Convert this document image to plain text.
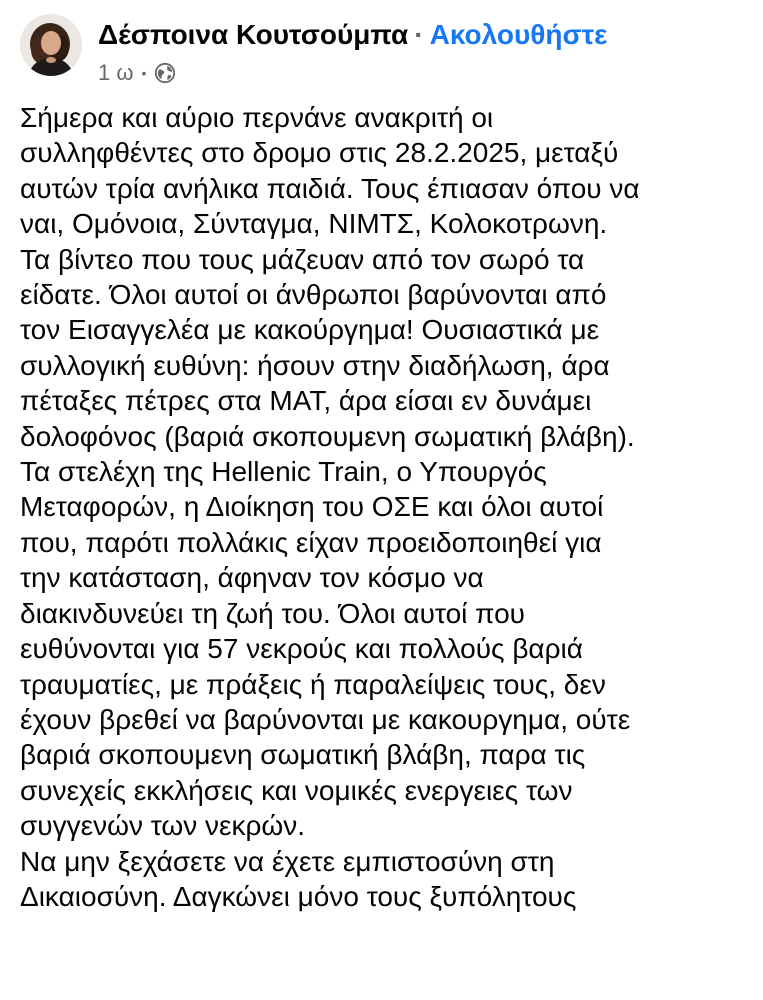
Δέσποινα Κουτσούμπα · Ακολουθήστε
1 ω •

Σήμερα και αύριο περνάνε ανακριτή οι

συλληφθέντες στο δρομο στις 28.2.2025, μεταξύ

αυτών τρία ανήλικα παιδιά. Τους έπιασαν όπου να

ναι, Ομόνοια, Σύνταγμα, ΝΙΜΤΣ, Κολοκοτρωνη.

Τα βίντεο που τους μάζευαν από τον σωρό τα

είδατε. Όλοι αυτοί οι άνθρωποι βαρύνονται από

τον Εισαγγελέα με κακούργημα! Ουσιαστικά με

συλλογική ευθύνη: ήσουν στην διαδήλωση, άρα

πέταξες πέτρες στα ΜΑΤ, άρα είσαι εν δυνάμει

δολοφόνος (βαριά σκοπουμενη σωματική βλάβη).

Τα στελέχη της Hellenic Train, ο Υπουργός

Μεταφορών, η Διοίκηση του ΟΣΕ και όλοι αυτοί

που, παρότι πολλάκις είχαν προειδοποιηθεί για

την κατάσταση, άφηναν τον κόσμο να

διακινδυνεύει τη ζωή του. Όλοι αυτοί που

ευθύνονται για 57 νεκρούς και πολλούς βαριά

τραυματίες, με πράξεις ή παραλείψεις τους, δεν

έχουν βρεθεί να βαρύνονται με κακουργημα, ούτε

βαριά σκοπουμενη σωματική βλάβη, παρα τις

συνεχείς εκκλήσεις και νομικές ενεργειες των

συγγενών των νεκρών.

Να μην ξεχάσετε να έχετε εμπιστοσύνη στη

Δικαιοσύνη. Δαγκώνει μόνο τους ξυπόλητους
